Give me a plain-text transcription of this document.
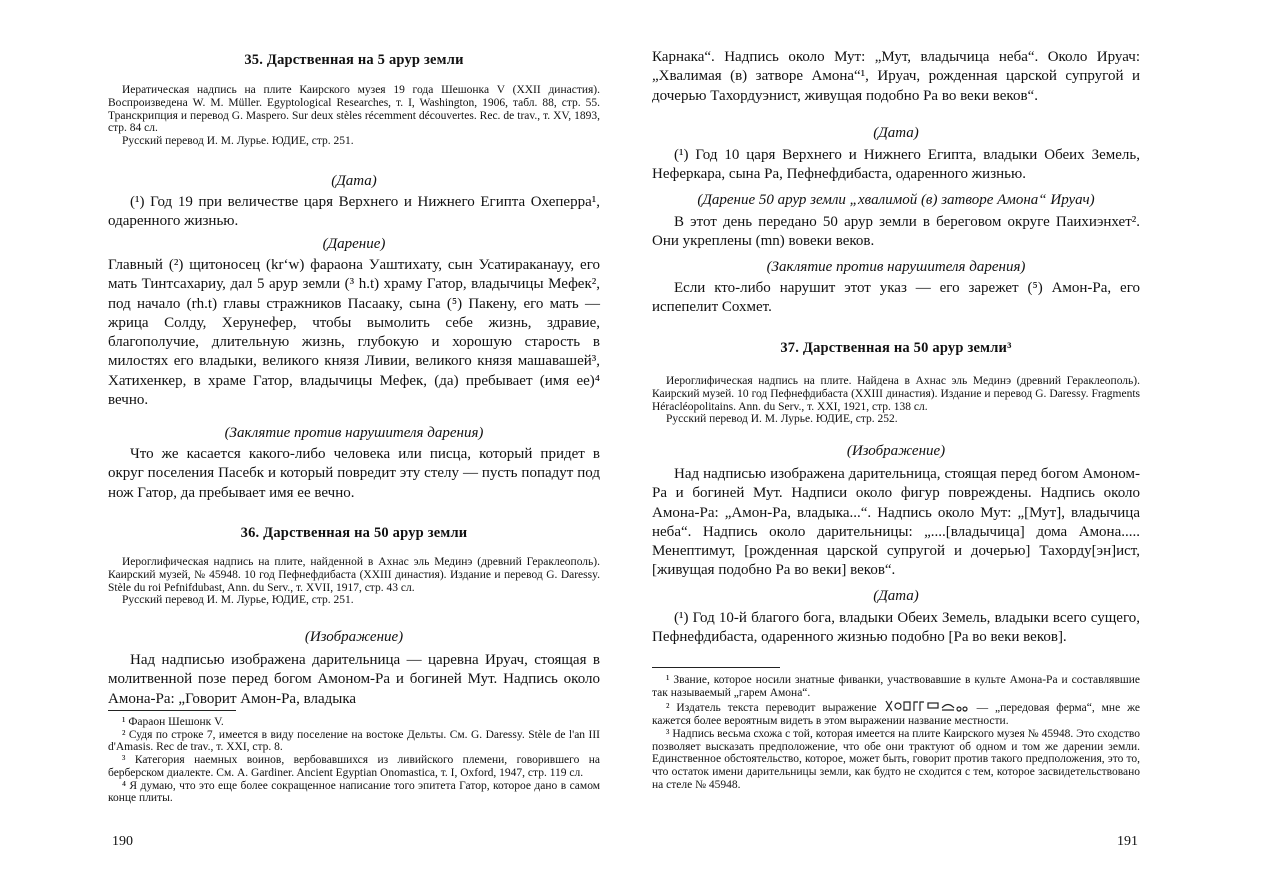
35. Дарственная на 5 арур земли

Иератическая надпись на плите Каирского музея 19 года Шешонка V (XXII династия). Воспроизведена W. M. Müller. Egyptological Researches, т. I, Washington, 1906, табл. 88, стр. 55. Транскрипция и перевод G. Maspero. Sur deux stèles récemment découvertes. Rec. de trav., т. XV, 1893, стр. 84 сл.

Русский перевод И. М. Лурье. ЮДИЕ, стр. 251.

(Дата)

(¹) Год 19 при величестве царя Верхнего и Нижнего Египта Охеперра¹, одаренного жизнью.

(Дарение)

Главный (²) щитоносец (kr‘w) фараона Уаштихату, сын Усатираканауу, его мать Тинтсахариу, дал 5 арур земли (³ h.t) храму Гатор, владычицы Мефек², под начало (rh.t) главы стражников Пасаакy, сына (⁵) Пакену, его мать — жрица Солду, Херунефер, чтобы вымолить себе жизнь, здравие, благополучие, длительную жизнь, глубокую и хорошую старость в милостях его владыки, великого князя Ливии, великого князя машавашей³, Хатихенкер, в храме Гатор, владычицы Мефек, (да) пребывает (имя ее)⁴ вечно.

(Заклятие против нарушителя дарения)

Что же касается какого-либо человека или писца, который придет в округ поселения Пасебк и который повредит эту стелу — пусть попадут под нож Гатор, да пребывает имя ее вечно.

36. Дарственная на 50 арур земли

Иероглифическая надпись на плите, найденной в Ахнас эль Мединэ (древний Гераклеополь). Каирский музей, № 45948. 10 год Пефнефдибаста (XXIII династия). Издание и перевод G. Daressy. Stèle du roi Pefnifdubast, Ann. du Serv., т. XVII, 1917, стр. 43 сл.

Русский перевод И. М. Лурье, ЮДИЕ, стр. 251.

(Изображение)

Над надписью изображена дарительница — царевна Ируач, стоящая в молитвенной позе перед богом Амоном-Ра и богиней Мут. Надпись около Амона-Ра: „Говорит Амон-Ра, владыка

¹ Фараон Шешонк V.

² Судя по строке 7, имеется в виду поселение на востоке Дельты. См. G. Daressy. Stèle de l'an III d'Amasis. Rec de trav., т. XXI, стр. 8.

³ Категория наемных воинов, вербовавшихся из ливийского племени, говорившего на берберском диалекте. См. A. Gardiner. Ancient Egyptian Onomastica, т. I, Oxford, 1947, стр. 119 сл.

⁴ Я думаю, что это еще более сокращенное написание того эпитета Гатор, которое дано в самом конце плиты.

190

Карнака“. Надпись около Мут: „Мут, владычица неба“. Около Ируач: „Хвалимая (в) затворе Амона“¹, Ируач, рожденная царской супругой и дочерью Тахордуэнист, живущая подобно Ра во веки веков“.

(Дата)

(¹) Год 10 царя Верхнего и Нижнего Египта, владыки Обеих Земель, Неферкара, сына Ра, Пефнефдибаста, одаренного жизнью.

(Дарение 50 арур земли „хвалимой (в) затворе Амона“ Ируач)

В этот день передано 50 арур земли в береговом округе Паихиэнхет². Они укреплены (mn) вовеки веков.

(Заклятие против нарушителя дарения)

Если кто-либо нарушит этот указ — его зарежет (⁵) Амон-Ра, его испепелит Сохмет.

37. Дарственная на 50 арур земли³

Иероглифическая надпись на плите. Найдена в Ахнас эль Мединэ (древний Гераклеополь). Каирский музей. 10 год Пефнефдибаста (XXIII династия). Издание и перевод G. Daressy. Fragments Héracléopolitains. Ann. du Serv., т. XXI, 1921, стр. 138 сл.

Русский перевод И. М. Лурье. ЮДИЕ, стр. 252.

(Изображение)

Над надписью изображена дарительница, стоящая перед богом Амоном-Ра и богиней Мут. Надписи около фигур повреждены. Надпись около Амона-Ра: „Амон-Ра, владыка...“. Надпись около Мут: „[Мут], владычица неба“. Надпись около дарительницы: „....[владычица] дома Амона..... Менептимут, [рожденная царской супругой и дочерью] Тахорду[эн]ист, [живущая подобно Ра во веки] веков“.

(Дата)

(¹) Год 10-й благого бога, владыки Обеих Земель, владыки всего сущего, Пефнефдибаста, одаренного жизнью подобно [Ра во веки веков].

¹ Звание, которое носили знатные фиванки, участвовавшие в культе Амона-Ра и составлявшие так называемый „гарем Амона“.

² Издатель текста переводит выражение	— „передовая ферма“, мне же кажется более вероятным видеть в этом выражении название местности.

³ Надпись весьма схожа с той, которая имеется на плите Каирского музея № 45948. Это сходство позволяет высказать предположение, что обе они трактуют об одном и том же дарении земли. Единственное обстоятельство, которое, может быть, говорит против такого предположения, это то, что остаток имени дарительницы земли, как будто не сходится с тем, которое засвидетельствовано на стеле № 45948.

191
